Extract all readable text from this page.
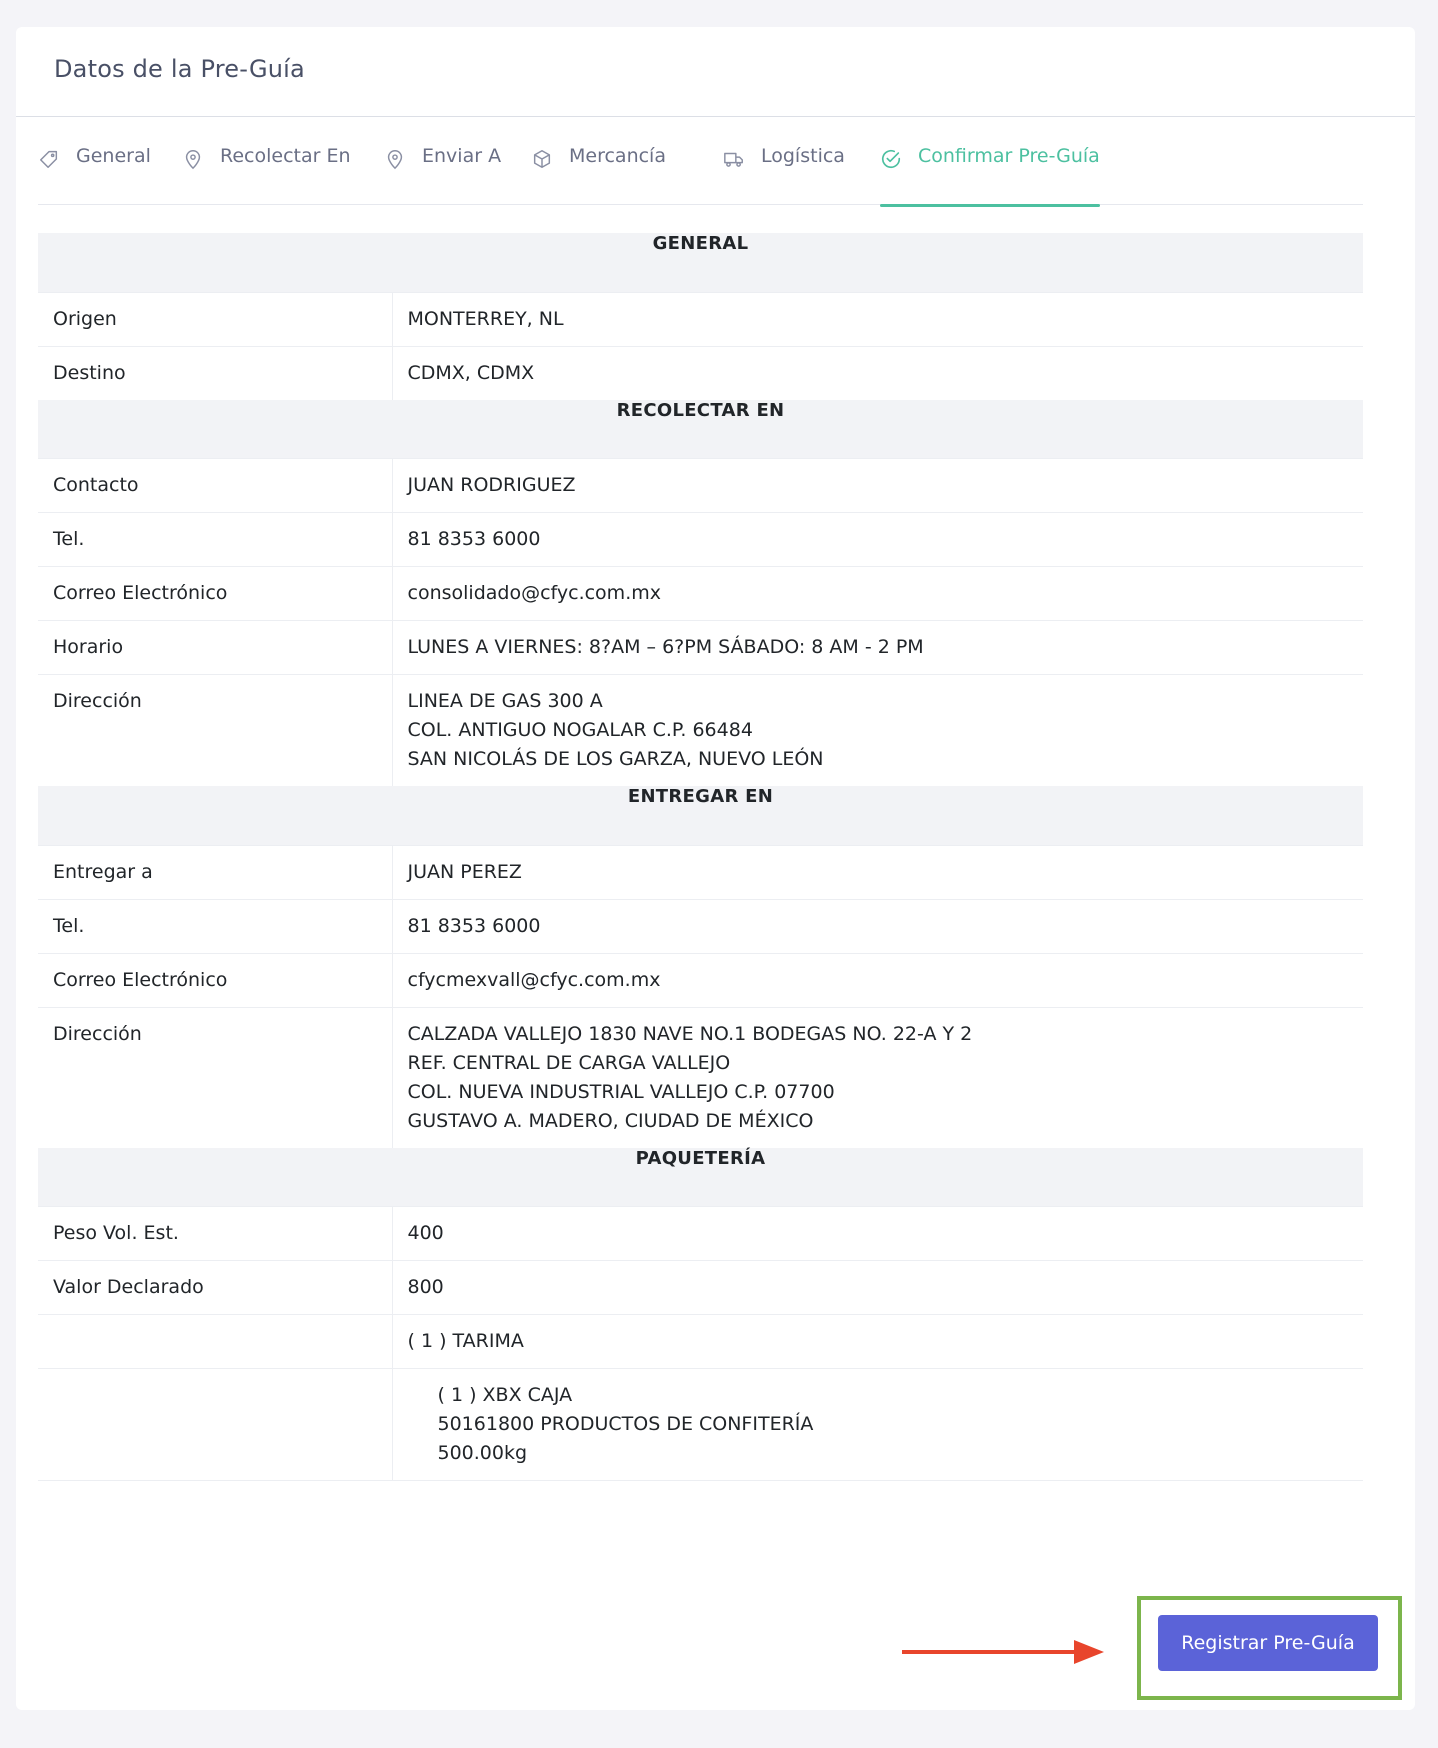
Datos de la Pre-Guía
General	Recolectar En	Enviar A	Mercancía	Logística	Confirmar Pre-Guía
GENERAL	
Origen	MONTERREY, NL
Destino	CDMX, CDMX
RECOLECTAR EN	
Contacto	JUAN RODRIGUEZ
Tel.	81 8353 6000
Correo Electrónico	consolidado@cfyc.com.mx
Horario	LUNES A VIERNES: 8?AM – 6?PM SÁBADO: 8 AM - 2 PM
Dirección	LINEA DE GAS 300 A
COL. ANTIGUO NOGALAR C.P. 66484
SAN NICOLÁS DE LOS GARZA, NUEVO LEÓN

ENTREGAR EN	
Entregar a	JUAN PEREZ
Tel.	81 8353 6000
Correo Electrónico	cfycmexvall@cfyc.com.mx
Dirección	CALZADA VALLEJO 1830 NAVE NO.1 BODEGAS NO. 22-A Y 2
REF. CENTRAL DE CARGA VALLEJO
COL. NUEVA INDUSTRIAL VALLEJO C.P. 07700
GUSTAVO A. MADERO, CIUDAD DE MÉXICO

PAQUETERÍA	
Peso Vol. Est.	400
Valor Declarado	800
	( 1 ) TARIMA

	( 1 ) XBX CAJA
50161800 PRODUCTOS DE CONFITERÍA
500.00kg
Registrar Pre-Guía
